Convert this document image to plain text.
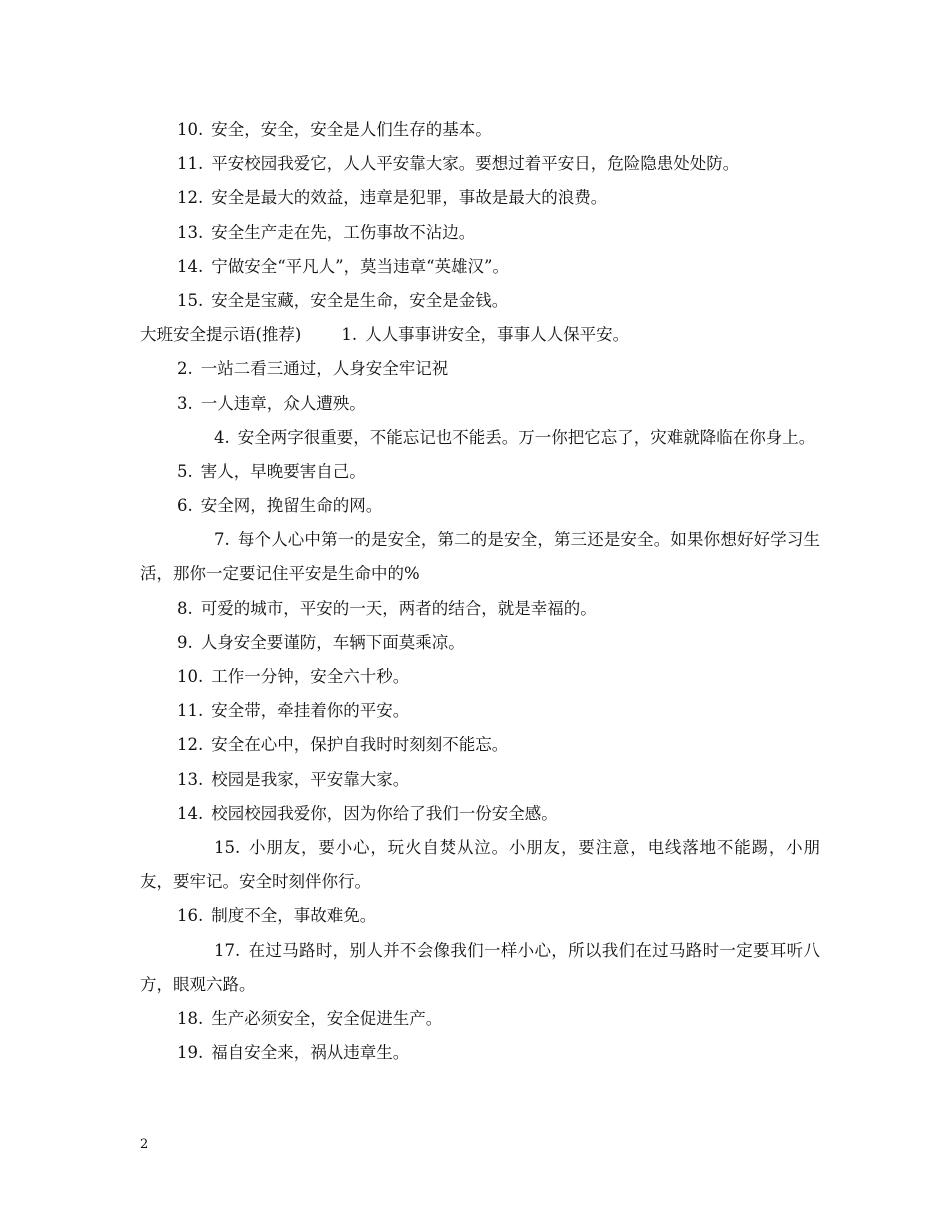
10. 安全，安全，安全是人们生存的基本。
11. 平安校园我爱它，人人平安靠大家。要想过着平安日，危险隐患处处防。
12. 安全是最大的效益，违章是犯罪，事故是最大的浪费。
13. 安全生产走在先，工伤事故不沾边。
14. 宁做安全“平凡人”，莫当违章“英雄汉”。
15. 安全是宝藏，安全是生命，安全是金钱。
大班安全提示语(推荐) 1. 人人事事讲安全，事事人人保平安。
2. 一站二看三通过，人身安全牢记祝
3. 一人违章，众人遭殃。
4. 安全两字很重要，不能忘记也不能丢。万一你把它忘了，灾难就降临在你身上。
5. 害人，早晚要害自己。
6. 安全网，挽留生命的网。
7. 每个人心中第一的是安全，第二的是安全，第三还是安全。如果你想好好学习生活，那你一定要记住平安是生命中的%
8. 可爱的城市，平安的一天，两者的结合，就是幸福的。
9. 人身安全要谨防，车辆下面莫乘凉。
10. 工作一分钟，安全六十秒。
11. 安全带，牵挂着你的平安。
12. 安全在心中，保护自我时时刻刻不能忘。
13. 校园是我家，平安靠大家。
14. 校园校园我爱你，因为你给了我们一份安全感。
15. 小朋友，要小心，玩火自焚从泣。小朋友，要注意，电线落地不能踢，小朋友，要牢记。安全时刻伴你行。
16. 制度不全，事故难免。
17. 在过马路时，别人并不会像我们一样小心，所以我们在过马路时一定要耳听八方，眼观六路。
18. 生产必须安全，安全促进生产。
19. 福自安全来，祸从违章生。
2
